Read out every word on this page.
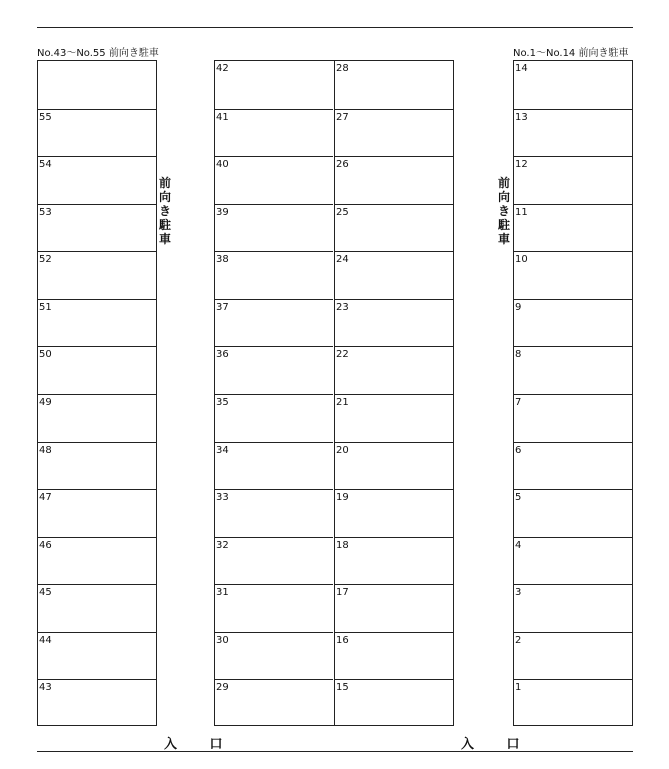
No.43～No.55 前向き駐車	No.1～No.14 前向き駐車
55
54
53
52
51
50
49
48
47
46
45
44
43
前
向
き
駐
車
42
41
40
39
38
37
36
35
34
33
32
31
30
29
28
27
26
25
24
23
22
21
20
19
18
17
16
15
前
向
き
駐
車
14
13
12
11
10
9
8
7
6
5
4
3
2
1
入 口	入 口
